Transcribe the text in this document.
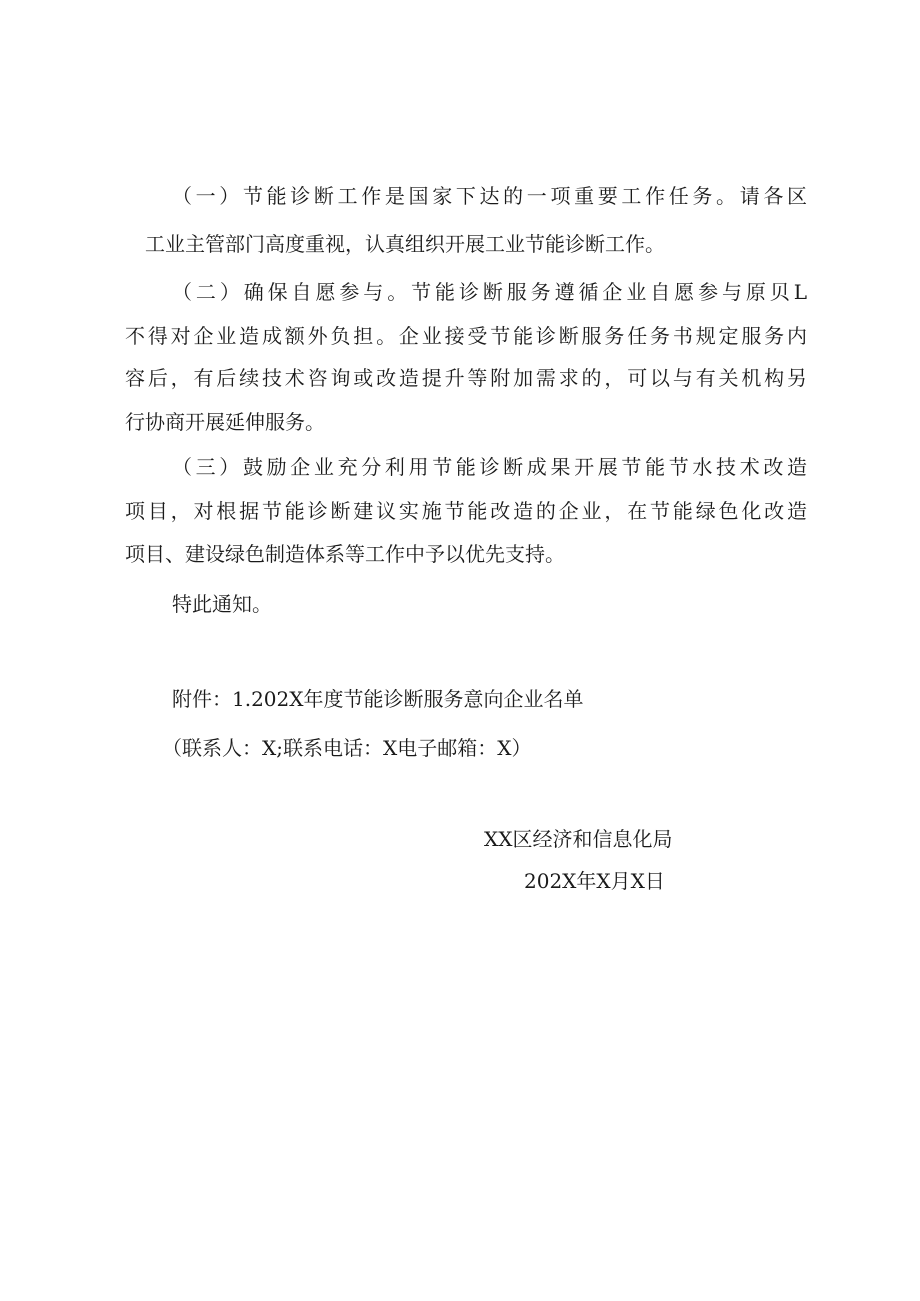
（一）节能诊断工作是国家下达的一项重要工作任务。请各区
工业主管部门高度重视，认真组织开展工业节能诊断工作。
（二）确保自愿参与。节能诊断服务遵循企业自愿参与原贝L
不得对企业造成额外负担。企业接受节能诊断服务任务书规定服务内
容后，有后续技术咨询或改造提升等附加需求的，可以与有关机构另
行协商开展延伸服务。
（三）鼓励企业充分利用节能诊断成果开展节能节水技术改造
项目，对根据节能诊断建议实施节能改造的企业，在节能绿色化改造
项目、建设绿色制造体系等工作中予以优先支持。
特此通知。
附件：1.202X年度节能诊断服务意向企业名单
（联系人：X;联系电话：X电子邮箱：X）
XX区经济和信息化局
202X年X月X日
